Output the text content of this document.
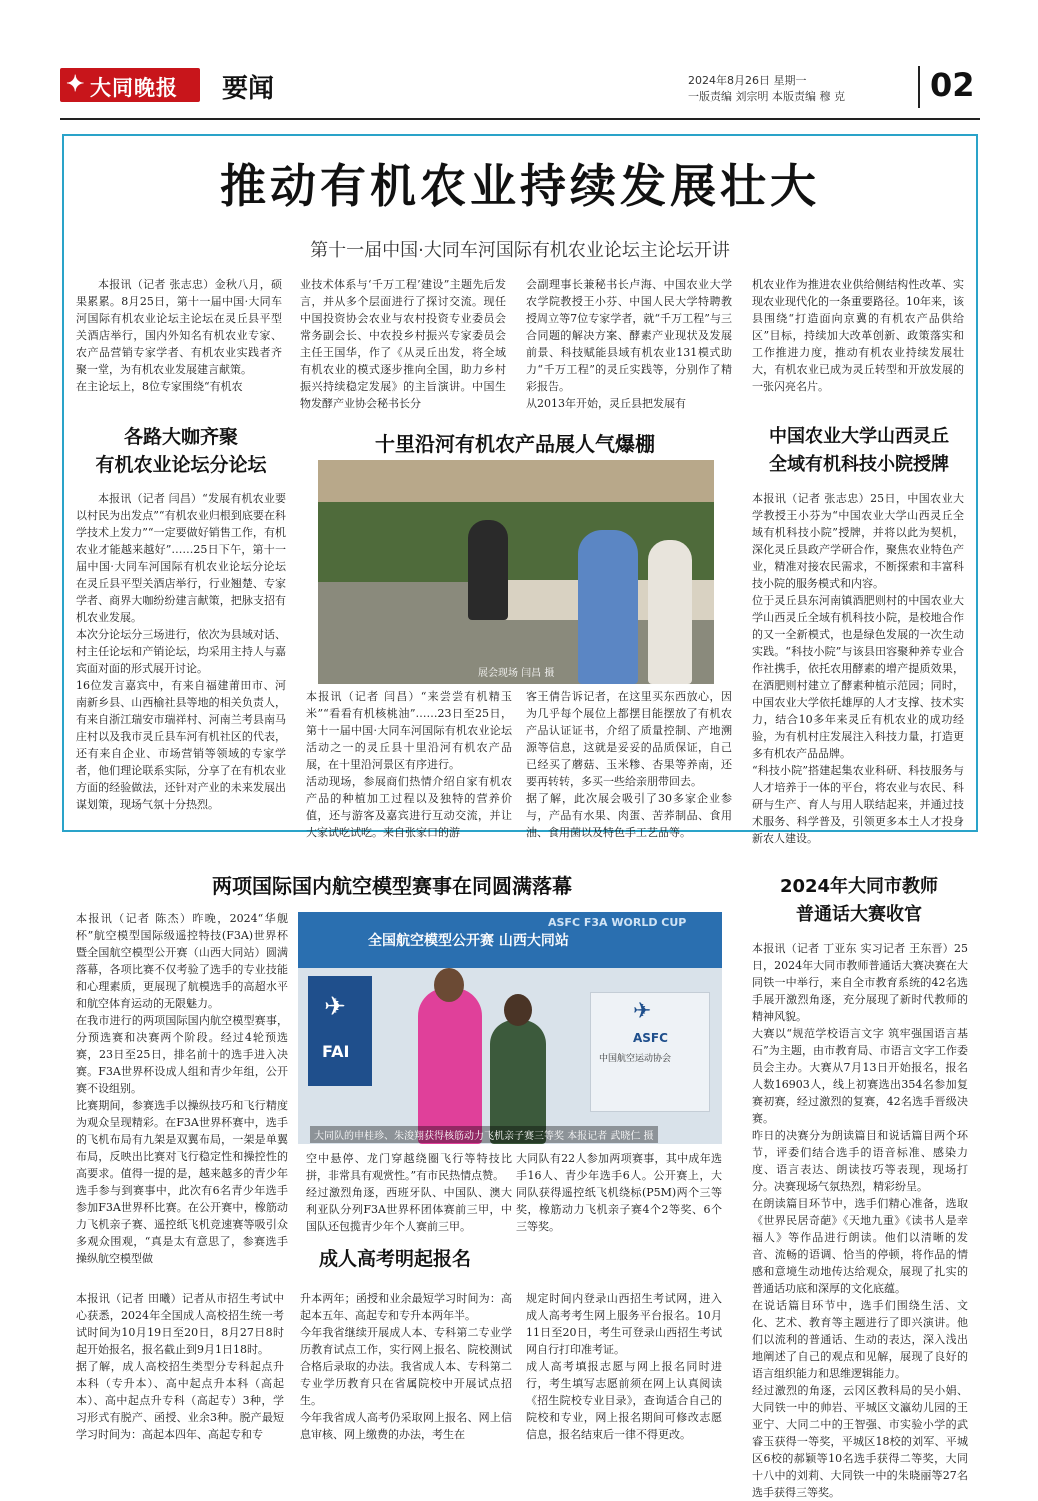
✦ 大同晚报 要闻	2024年8月26日 星期一
一版责编 刘宗明 本版责编 穆 克	02
推动有机农业持续发展壮大
第十一届中国·大同车河国际有机农业论坛主论坛开讲
本报讯（记者 张志忠）金秋八月，硕果累累。8月25日，第十一届中国·大同车河国际有机农业论坛主论坛在灵丘县平型关酒店举行，国内外知名有机农业专家、农产品营销专家学者、有机农业实践者齐聚一堂，为有机农业发展建言献策。
在主论坛上，8位专家围绕“有机农
业技术体系与‘千万工程’建设”主题先后发言，并从多个层面进行了探讨交流。现任中国投资协会农业与农村投资专业委员会常务副会长、中农投乡村振兴专家委员会主任王国华，作了《从灵丘出发，将全域有机农业的模式逐步推向全国，助力乡村振兴持续稳定发展》的主旨演讲。中国生物发酵产业协会秘书长分
会副理事长兼秘书长卢海、中国农业大学农学院教授王小芬、中国人民大学特聘教授周立等7位专家学者，就“千万工程”与三合同题的解决方案、酵素产业现状及发展前景、科技赋能县域有机农业131模式助力“千万工程”的灵丘实践等，分别作了精彩报告。
从2013年开始，灵丘县把发展有
机农业作为推进农业供给侧结构性改革、实现农业现代化的一条重要路径。10年来，该县围绕“打造面向京冀的有机农产品供给区”目标，持续加大改革创新、政策落实和工作推进力度，推动有机农业持续发展壮大，有机农业已成为灵丘转型和开放发展的一张闪亮名片。
各路大咖齐聚
有机农业论坛分论坛
本报讯（记者 闫昌）“发展有机农业要以村民为出发点”“有机农业归根到底要在科学技术上发力”“一定要做好销售工作，有机农业才能越来越好”……25日下午，第十一届中国·大同车河国际有机农业论坛分论坛在灵丘县平型关酒店举行，行业翘楚、专家学者、商界大咖纷纷建言献策，把脉支招有机农业发展。
本次分论坛分三场进行，依次为县域对话、村主任论坛和产销论坛，均采用主持人与嘉宾面对面的形式展开讨论。
16位发言嘉宾中，有来自福建莆田市、河南新乡县、山西榆社县等地的相关负责人，有来自浙江瑞安市瑞祥村、河南兰考县南马庄村以及我市灵丘县车河有机社区的代表，还有来自企业、市场营销等领域的专家学者，他们理论联系实际，分享了在有机农业方面的经验做法，还针对产业的未来发展出谋划策，现场气氛十分热烈。
十里沿河有机农产品展人气爆棚
展会现场 闫昌 摄
本报讯（记者 闫昌）“来尝尝有机精玉米”“看看有机核桃油”……23日至25日，第十一届中国·大同车河国际有机农业论坛活动之一的灵丘县十里沿河有机农产品展，在十里沿河景区有序进行。
活动现场，参展商们热情介绍自家有机农产品的种植加工过程以及独特的营养价值，还与游客及嘉宾进行互动交流，并让大家试吃试吃。来自张家口的游
客王倩告诉记者，在这里买东西放心，因为几乎每个展位上都摆目能摆放了有机农产品认证证书，介绍了质量控制、产地溯源等信息，这就是妥妥的品质保证，自己已经买了蘑菇、玉米糁、杏果等养南，还要再转转，多买一些给亲朋带回去。
据了解，此次展会吸引了30多家企业参与，产品有水果、肉蛋、苦荞制品、食用油、食用菌以及特色手工艺品等。
中国农业大学山西灵丘
全域有机科技小院授牌
本报讯（记者 张志忠）25日，中国农业大学教授王小芬为“中国农业大学山西灵丘全域有机科技小院”授牌，并将以此为契机，深化灵丘县政产学研合作，聚焦农业特色产业，精准对接农民需求，不断探索和丰富科技小院的服务模式和内容。
位于灵丘县东河南镇酒肥则村的中国农业大学山西灵丘全域有机科技小院，是校地合作的又一全新模式，也是绿色发展的一次生动实践。“科技小院”与该县田容聚种养专业合作社携手，依托农用酵素的增产提质效果，在酒肥则村建立了酵素种植示范园；同时，中国农业大学依托雄厚的人才支撑、技术实力，结合10多年来灵丘有机农业的成功经验，为有机村庄发展注入科技力量，打造更多有机农产品品牌。
“科技小院”搭建起集农业科研、科技服务与人才培养于一体的平台，将农业与农民、科研与生产、育人与用人联结起来，并通过技术服务、科学普及，引领更多本土人才投身新农人建设。
两项国际国内航空模型赛事在同圆满落幕
全国航空模型公开赛 山西大同站
ASFC F3A WORLD CUP
✈
FAI
✈
ASFC
中国航空运动协会
大同队的申桂珍、朱浚翔获得核筋动力飞机亲子赛三等奖 本报记者 武晓仁 摄
本报讯（记者 陈杰）昨晚，2024“华舰杯”航空模型国际级遥控特技(F3A)世界杯暨全国航空模型公开赛（山西大同站）圆满落幕，各项比赛不仅考验了选手的专业技能和心理素质，更展现了航模选手的高超水平和航空体育运动的无限魅力。
在我市进行的两项国际国内航空模型赛事，分预选赛和决赛两个阶段。经过4轮预选赛，23日至25日，排名前十的选手进入决赛。F3A世界杯设成人组和青少年组，公开赛不设组别。
比赛期间，参赛选手以操纵技巧和飞行精度为观众呈现精彩。在F3A世界杯赛中，选手的飞机布局有九架是双翼布局，一架是单翼布局，反映出比赛对飞行稳定性和操控性的高要求。值得一提的是，越来越多的青少年选手参与到赛事中，此次有6名青少年选手参加F3A世界杯比赛。在公开赛中，橡筋动力飞机亲子赛、遥控纸飞机竞速赛等吸引众多观众围观，“真是太有意思了，参赛选手操纵航空模型做
空中悬停、龙门穿越绕圈飞行等特技比拼，非常具有观赏性。”有市民热情点赞。
经过激烈角逐，西班牙队、中国队、澳大利亚队分列F3A世界杯团体赛前三甲，中国队还包揽青少年个人赛前三甲。
大同队有22人参加两项赛事，其中成年选手16人、青少年选手6人。公开赛上，大同队获得遥控纸飞机绕标(P5M)两个三等奖，橡筋动力飞机亲子赛4个2等奖、6个三等奖。
成人高考明起报名
本报讯（记者 田曦）记者从市招生考试中心获悉，2024年全国成人高校招生统一考试时间为10月19日至20日，8月27日8时起开始报名，报名截止到9月1日18时。
据了解，成人高校招生类型分专科起点升本科（专升本）、高中起点升本科（高起本）、高中起点升专科（高起专）3种，学习形式有脱产、函授、业余3种。脱产最短学习时间为：高起本四年、高起专和专
升本两年；函授和业余最短学习时间为：高起本五年、高起专和专升本两年半。
今年我省继续开展成人本、专科第二专业学历教育试点工作，实行网上报名、院校测试合格后录取的办法。我省成人本、专科第二专业学历教育只在省属院校中开展试点招生。
今年我省成人高考仍采取网上报名、网上信息审核、网上缴费的办法，考生在
规定时间内登录山西招生考试网，进入成人高考考生网上服务平台报名。10月11日至20日，考生可登录山西招生考试网自行打印准考证。
成人高考填报志愿与网上报名同时进行，考生填写志愿前须在网上认真阅读《招生院校专业目录》，查询适合自己的院校和专业，网上报名期间可修改志愿信息，报名结束后一律不得更改。
2024年大同市教师
普通话大赛收官
本报讯（记者 丁亚东 实习记者 王东晋）25日，2024年大同市教师普通话大赛决赛在大同铁一中举行，来自全市教育系统的42名选手展开激烈角逐，充分展现了新时代教师的精神风貌。
大赛以“规范学校语言文字 筑牢强国语言基石”为主题，由市教育局、市语言文字工作委员会主办。大赛从7月13日开始报名，报名人数16903人，线上初赛选出354名参加复赛初赛，经过激烈的复赛，42名选手晋级决赛。
昨日的决赛分为朗读篇目和说话篇目两个环节，评委们结合选手的语音标准、感染力度、语言表达、朗读技巧等表现，现场打分。决赛现场气氛热烈，精彩纷呈。
在朗读篇目环节中，选手们精心准备，选取《世界民居奇葩》《天地九重》《读书人是幸福人》等作品进行朗读。他们以清晰的发音、流畅的语调、恰当的停顿，将作品的情感和意境生动地传达给观众，展现了扎实的普通话功底和深厚的文化底蕴。
在说话篇目环节中，选手们围绕生活、文化、艺术、教育等主题进行了即兴演讲。他们以流利的普通话、生动的表达，深入浅出地阐述了自己的观点和见解，展现了良好的语言组织能力和思维逻辑能力。
经过激烈的角逐，云冈区教科局的吴小娟、大同铁一中的帅岩、平城区文瀛幼儿园的王亚宁、大同二中的王智强、市实验小学的武睿玉获得一等奖，平城区18校的刘军、平城区6校的郝颖等10名选手获得二等奖，大同十八中的刘莉、大同铁一中的朱晓丽等27名选手获得三等奖。
